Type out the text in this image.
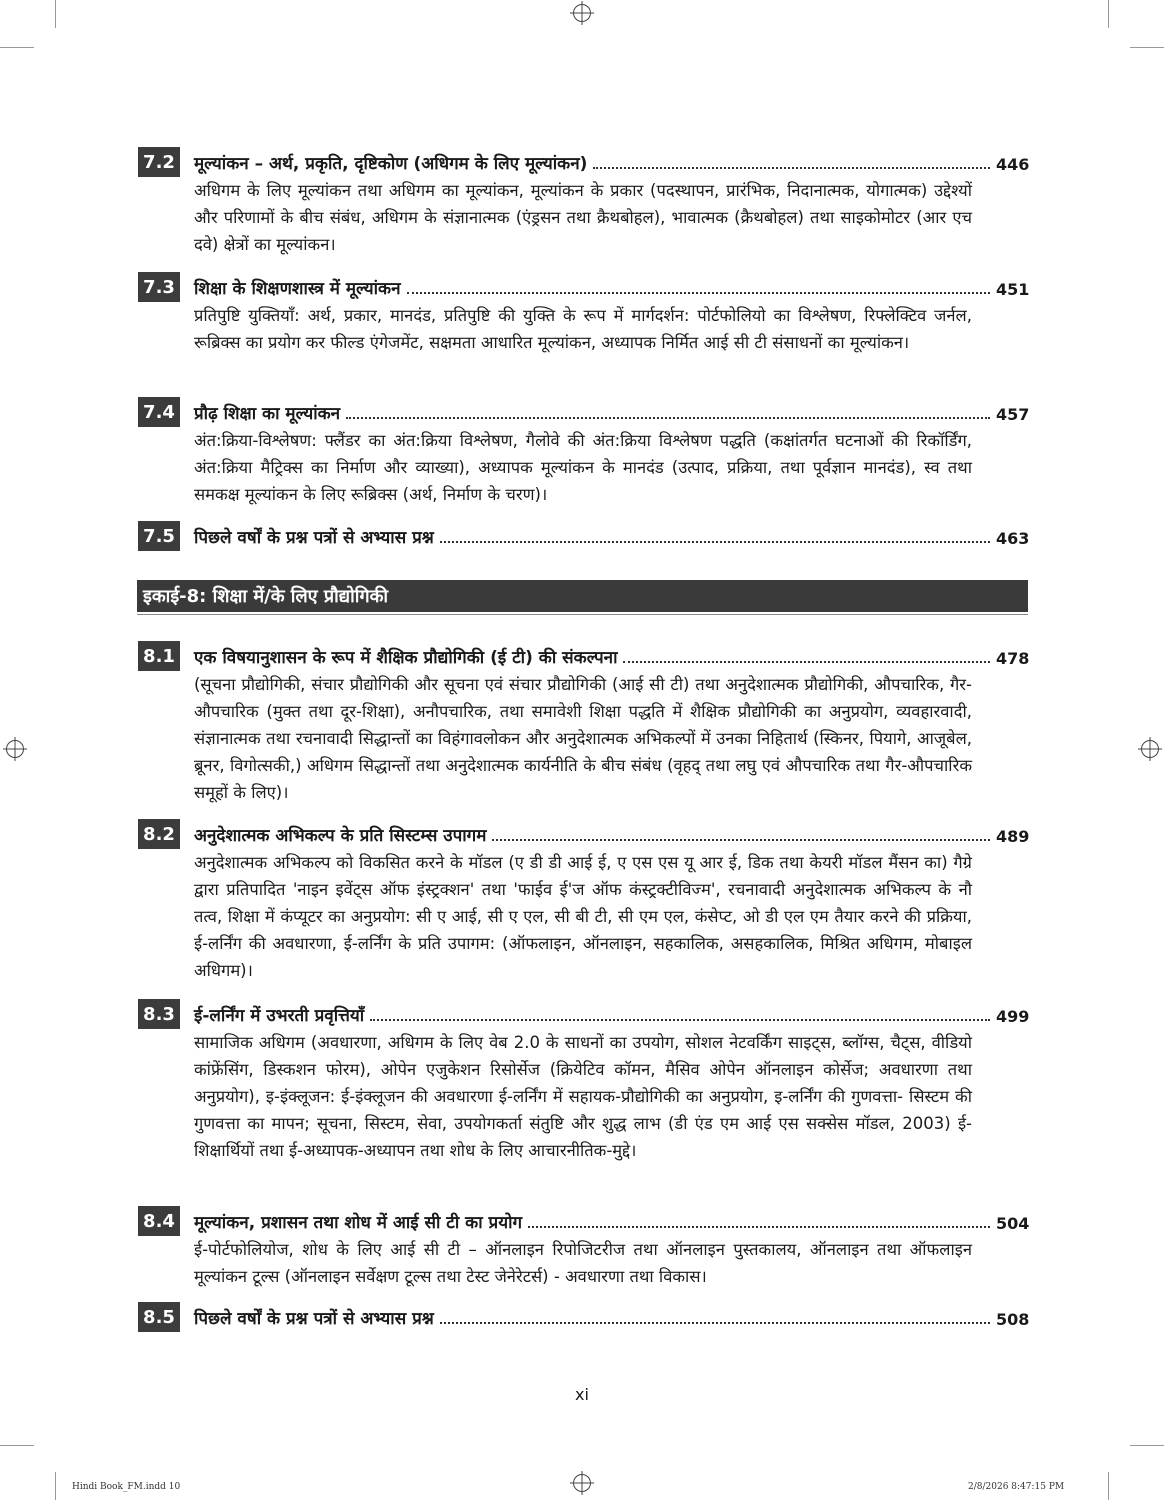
7.2 मूल्यांकन – अर्थ, प्रकृति, दृष्टिकोण (अधिगम के लिए मूल्यांकन)	446
अधिगम के लिए मूल्यांकन तथा अधिगम का मूल्यांकन, मूल्यांकन के प्रकार (पदस्थापन, प्रारंभिक, निदानात्मक, योगात्मक) उद्देश्यों और परिणामों के बीच संबंध, अधिगम के संज्ञानात्मक (एंड्रसन तथा क्रैथबोहल), भावात्मक (क्रैथबोहल) तथा साइकोमोटर (आर एच दवे) क्षेत्रों का मूल्यांकन।
7.3 शिक्षा के शिक्षणशास्त्र में मूल्यांकन	451
प्रतिपुष्टि युक्तियाँ: अर्थ, प्रकार, मानदंड, प्रतिपुष्टि की युक्ति के रूप में मार्गदर्शन: पोर्टफोलियो का विश्लेषण, रिफ्लेक्टिव जर्नल, रूब्रिक्स का प्रयोग कर फील्ड एंगेजमेंट, सक्षमता आधारित मूल्यांकन, अध्यापक निर्मित आई सी टी संसाधनों का मूल्यांकन।
7.4 प्रौढ़ शिक्षा का मूल्यांकन	457
अंत:क्रिया-विश्लेषण: फ्लैंडर का अंत:क्रिया विश्लेषण, गैलोवे की अंत:क्रिया विश्लेषण पद्धति (कक्षांतर्गत घटनाओं की रिकॉर्डिंग, अंत:क्रिया मैट्रिक्स का निर्माण और व्याख्या), अध्यापक मूल्यांकन के मानदंड (उत्पाद, प्रक्रिया, तथा पूर्वज्ञान मानदंड), स्व तथा समकक्ष मूल्यांकन के लिए रूब्रिक्स (अर्थ, निर्माण के चरण)।
7.5 पिछले वर्षों के प्रश्न पत्रों से अभ्यास प्रश्न	463
इकाई-8: शिक्षा में/के लिए प्रौद्योगिकी
8.1 एक विषयानुशासन के रूप में शैक्षिक प्रौद्योगिकी (ई टी) की संकल्पना	478
(सूचना प्रौद्योगिकी, संचार प्रौद्योगिकी और सूचना एवं संचार प्रौद्योगिकी (आई सी टी) तथा अनुदेशात्मक प्रौद्योगिकी, औपचारिक, गैर-औपचारिक (मुक्त तथा दूर-शिक्षा), अनौपचारिक, तथा समावेशी शिक्षा पद्धति में शैक्षिक प्रौद्योगिकी का अनुप्रयोग, व्यवहारवादी, संज्ञानात्मक तथा रचनावादी सिद्धान्तों का विहंगावलोकन और अनुदेशात्मक अभिकल्पों में उनका निहितार्थ (स्किनर, पियागे, आजूबेल, ब्रूनर, विगोत्सकी,) अधिगम सिद्धान्तों तथा अनुदेशात्मक कार्यनीति के बीच संबंध (वृहद् तथा लघु एवं औपचारिक तथा गैर-औपचारिक समूहों के लिए)।
8.2 अनुदेशात्मक अभिकल्प के प्रति सिस्टम्स उपागम	489
अनुदेशात्मक अभिकल्प को विकसित करने के मॉडल (ए डी डी आई ई, ए एस एस यू आर ई, डिक तथा केयरी मॉडल मैंसन का) गैग्रे द्वारा प्रतिपादित 'नाइन इवेंट्स ऑफ इंस्ट्रक्शन' तथा 'फाईव ई'ज ऑफ कंस्ट्रक्टीविज्म', रचनावादी अनुदेशात्मक अभिकल्प के नौ तत्व, शिक्षा में कंप्यूटर का अनुप्रयोग: सी ए आई, सी ए एल, सी बी टी, सी एम एल, कंसेप्ट, ओ डी एल एम तैयार करने की प्रक्रिया, ई-लर्निंग की अवधारणा, ई-लर्निंग के प्रति उपागम: (ऑफलाइन, ऑनलाइन, सहकालिक, असहकालिक, मिश्रित अधिगम, मोबाइल अधिगम)।
8.3 ई-लर्निंग में उभरती प्रवृत्तियाँ	499
सामाजिक अधिगम (अवधारणा, अधिगम के लिए वेब 2.0 के साधनों का उपयोग, सोशल नेटवर्किंग साइट्स, ब्लॉग्स, चैट्स, वीडियो कांफ्रेंसिंग, डिस्कशन फोरम), ओपेन एजुकेशन रिसोर्सेज (क्रियेटिव कॉमन, मैसिव ओपेन ऑनलाइन कोर्सेज; अवधारणा तथा अनुप्रयोग), इ-इंक्लूजन: ई-इंक्लूजन की अवधारणा ई-लर्निंग में सहायक-प्रौद्योगिकी का अनुप्रयोग, इ-लर्निंग की गुणवत्ता- सिस्टम की गुणवत्ता का मापन; सूचना, सिस्टम, सेवा, उपयोगकर्ता संतुष्टि और शुद्ध लाभ (डी एंड एम आई एस सक्सेस मॉडल, 2003) ई-शिक्षार्थियों तथा ई-अध्यापक-अध्यापन तथा शोध के लिए आचारनीतिक-मुद्दे।
8.4 मूल्यांकन, प्रशासन तथा शोध में आई सी टी का प्रयोग	504
ई-पोर्टफोलियोज, शोध के लिए आई सी टी – ऑनलाइन रिपोजिटरीज तथा ऑनलाइन पुस्तकालय, ऑनलाइन तथा ऑफलाइन मूल्यांकन टूल्स (ऑनलाइन सर्वेक्षण टूल्स तथा टेस्ट जेनेरेटर्स) - अवधारणा तथा विकास।
8.5 पिछले वर्षों के प्रश्न पत्रों से अभ्यास प्रश्न	508
xi
Hindi Book_FM.indd 10	2/8/2026 8:47:15 PM
